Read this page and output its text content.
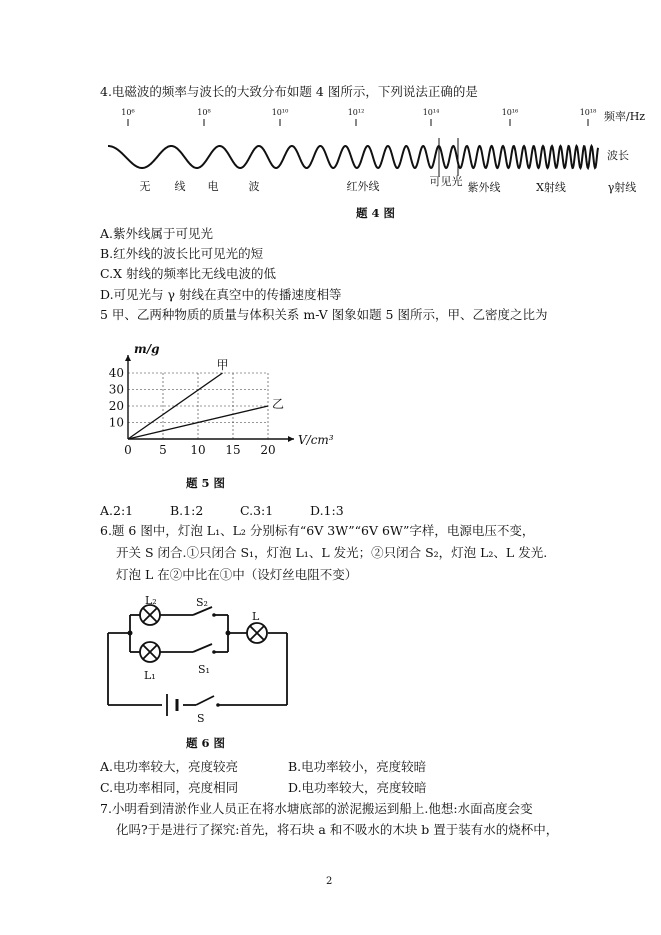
4.电磁波的频率与波长的大致分布如题 4 图所示，下列说法正确的是
10⁶	10⁸	10¹⁰	10¹²	10¹⁴	10¹⁶	10¹⁸
无 线 电	波	红外线	可见光 紫外线	X射线	γ射线
频率/Hz
波长
题 4 图
A.紫外线属于可见光
B.红外线的波长比可见光的短
C.X 射线的频率比无线电波的低
D.可见光与 γ 射线在真空中的传播速度相等
5 甲、乙两种物质的质量与体积关系 m-V 图象如题 5 图所示，甲、乙密度之比为
0 5 10 15 20
10
20
30
40
V/cm³
m/g
甲
乙
题 5 图
A.2:1	B.1:2	C.3:1	D.1:3
6.题 6 图中，灯泡 L₁、L₂ 分别标有“6V 3W”“6V 6W”字样，电源电压不变，
开关 S 闭合.①只闭合 S₁，灯泡 L₁、L 发光；②只闭合 S₂，灯泡 L₂、L 发光.
灯泡 L 在②中比在①中（设灯丝电阻不变）
L₂	S₂
L
S₁
L₁
S
题 6 图
A.电功率较大，亮度较亮	B.电功率较小，亮度较暗
C.电功率相同，亮度相同	D.电功率较大，亮度较暗
7.小明看到清淤作业人员正在将水塘底部的淤泥搬运到船上.他想:水面高度会变
化吗?于是进行了探究:首先，将石块 a 和不吸水的木块 b 置于装有水的烧杯中，
2
